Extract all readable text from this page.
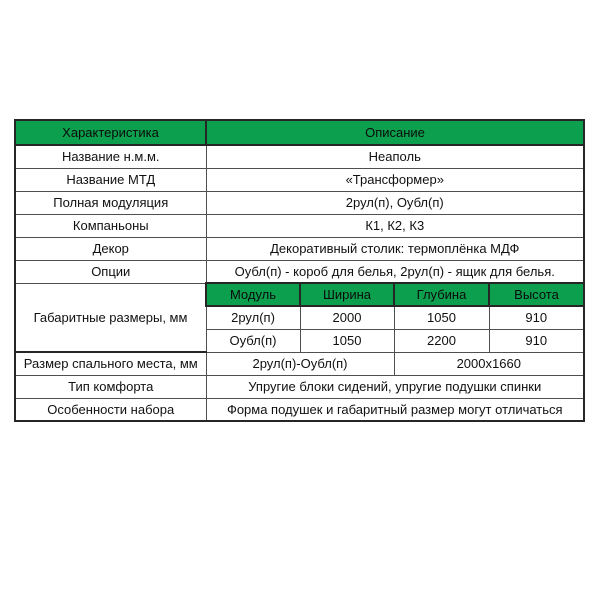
Характеристика	Описание			
Название н.м.м.	Неаполь			
Название МТД	«Трансформер»			
Полная модуляция	2рул(п), Оубл(п)			
Компаньоны	К1, К2, К3			
Декор	Декоративный столик: термоплёнка МДФ			
Опции	Оубл(п) - короб для белья, 2рул(п) - ящик для белья.			
Габаритные размеры, мм	Модуль	Ширина	Глубина	Высота
	2рул(п)	2000	1050	910
	Оубл(п)	1050	2200	910
Размер спального места, мм	2рул(п)-Оубл(п)		2000x1660	
Тип комфорта	Упругие блоки сидений, упругие подушки спинки			
Особенности набора	Форма подушек и габаритный размер могут отличаться			
